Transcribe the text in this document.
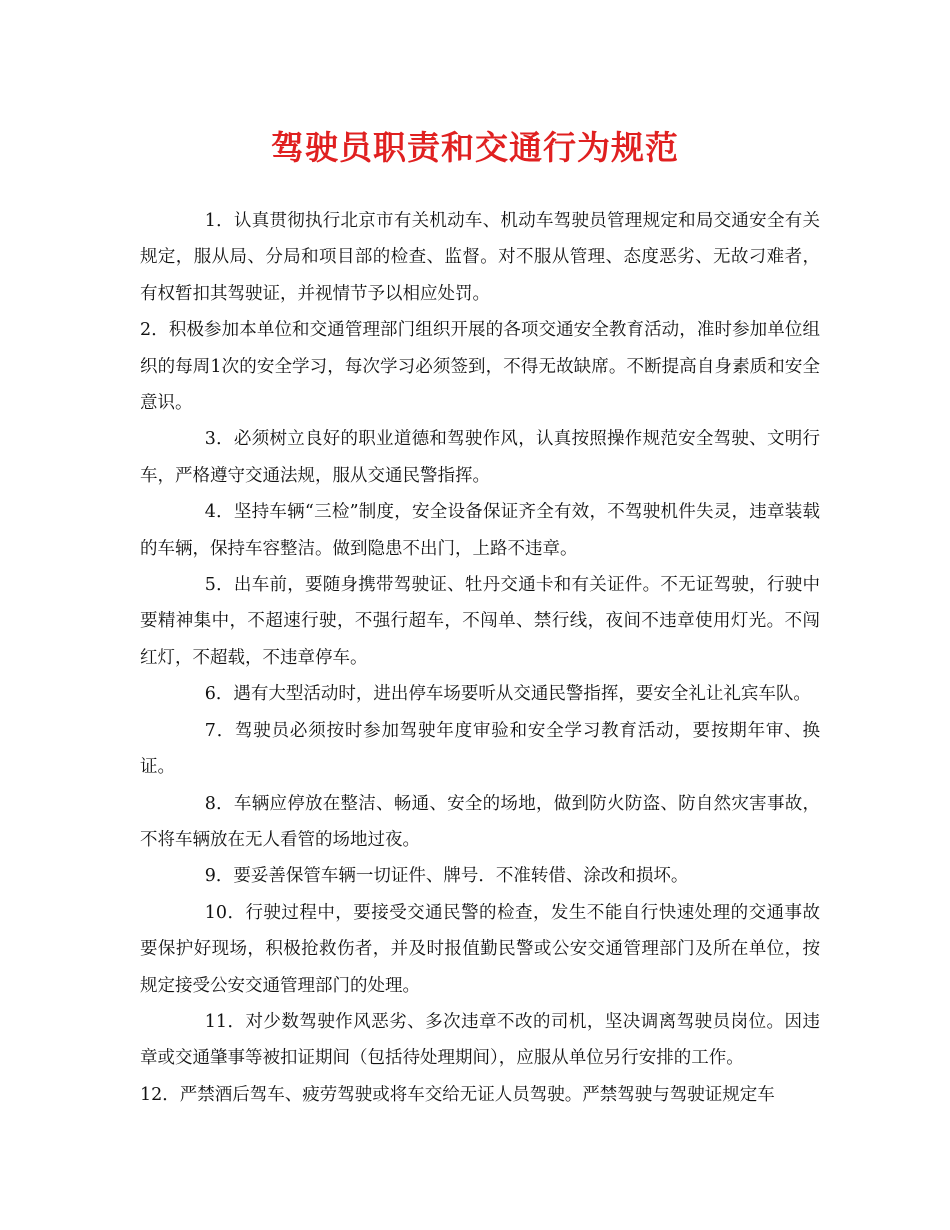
驾驶员职责和交通行为规范

1．认真贯彻执行北京市有关机动车、机动车驾驶员管理规定和局交通安全有关规定，服从局、分局和项目部的检查、监督。对不服从管理、态度恶劣、无故刁难者，有权暂扣其驾驶证，并视情节予以相应处罚。

2．积极参加本单位和交通管理部门组织开展的各项交通安全教育活动，准时参加单位组织的每周1次的安全学习，每次学习必须签到，不得无故缺席。不断提高自身素质和安全意识。

3．必须树立良好的职业道德和驾驶作风，认真按照操作规范安全驾驶、文明行车，严格遵守交通法规，服从交通民警指挥。

4．坚持车辆“三检”制度，安全设备保证齐全有效，不驾驶机件失灵，违章装载的车辆，保持车容整洁。做到隐患不出门，上路不违章。

5．出车前，要随身携带驾驶证、牡丹交通卡和有关证件。不无证驾驶，行驶中要精神集中，不超速行驶，不强行超车，不闯单、禁行线，夜间不违章使用灯光。不闯红灯，不超载，不违章停车。

6．遇有大型活动时，进出停车场要听从交通民警指挥，要安全礼让礼宾车队。

7．驾驶员必须按时参加驾驶年度审验和安全学习教育活动，要按期年审、换证。

8．车辆应停放在整洁、畅通、安全的场地，做到防火防盗、防自然灾害事故，不将车辆放在无人看管的场地过夜。

9．要妥善保管车辆一切证件、牌号．不准转借、涂改和损坏。

10．行驶过程中，要接受交通民警的检查，发生不能自行快速处理的交通事故要保护好现场，积极抢救伤者，并及时报值勤民警或公安交通管理部门及所在单位，按规定接受公安交通管理部门的处理。

11．对少数驾驶作风恶劣、多次违章不改的司机，坚决调离驾驶员岗位。因违章或交通肇事等被扣证期间（包括待处理期间），应服从单位另行安排的工作。

12．严禁酒后驾车、疲劳驾驶或将车交给无证人员驾驶。严禁驾驶与驾驶证规定车
